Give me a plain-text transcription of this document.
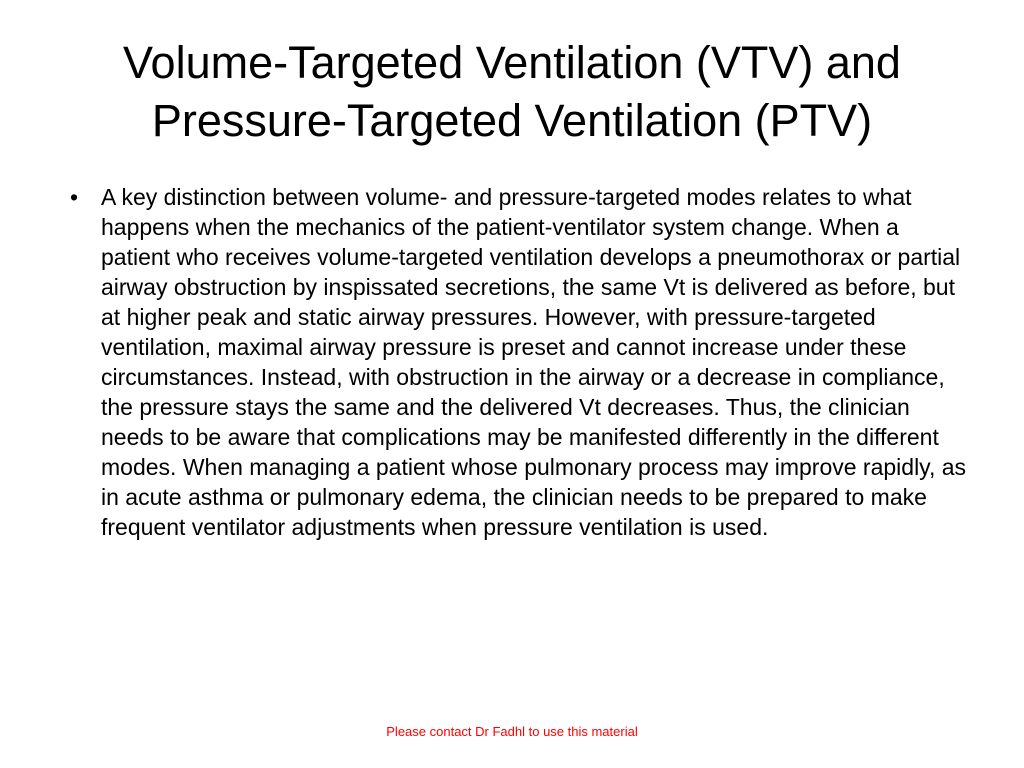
Volume-Targeted Ventilation (VTV) and
Pressure-Targeted Ventilation (PTV)
• A key distinction between volume- and pressure-targeted modes relates to what happens when the mechanics of the patient-ventilator system change. When a patient who receives volume-targeted ventilation develops a pneumothorax or partial airway obstruction by inspissated secretions, the same Vt is delivered as before, but at higher peak and static airway pressures. However, with pressure-targeted ventilation, maximal airway pressure is preset and cannot increase under these circumstances. Instead, with obstruction in the airway or a decrease in compliance, the pressure stays the same and the delivered Vt decreases. Thus, the clinician needs to be aware that complications may be manifested differently in the different modes. When managing a patient whose pulmonary process may improve rapidly, as in acute asthma or pulmonary edema, the clinician needs to be prepared to make frequent ventilator adjustments when pressure ventilation is used.
Please contact Dr Fadhl to use this material
